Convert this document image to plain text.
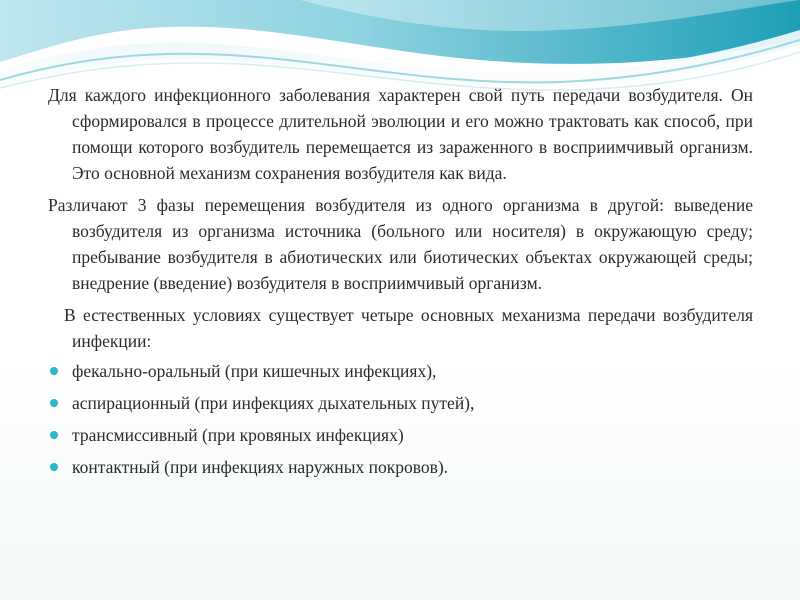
Для каждого инфекционного заболевания характерен свой путь передачи возбудителя. Он сформировался в процессе длительной эволюции и его можно трактовать как способ, при помощи которого возбудитель перемещается из зараженного в восприимчивый организм. Это основной механизм сохранения возбудителя как вида.

Различают 3 фазы перемещения возбудителя из одного организма в другой: выведение возбудителя из организма источника (больного или носителя) в окружающую среду; пребывание возбудителя в абиотических или биотических объектах окружающей среды; внедрение (введение) возбудителя в восприимчивый организм.

В естественных условиях существует четыре основных механизма передачи возбудителя инфекции:

фекально-оральный (при кишечных инфекциях),
аспирационный (при инфекциях дыхательных путей),
трансмиссивный (при кровяных инфекциях)
контактный (при инфекциях наружных покровов).
